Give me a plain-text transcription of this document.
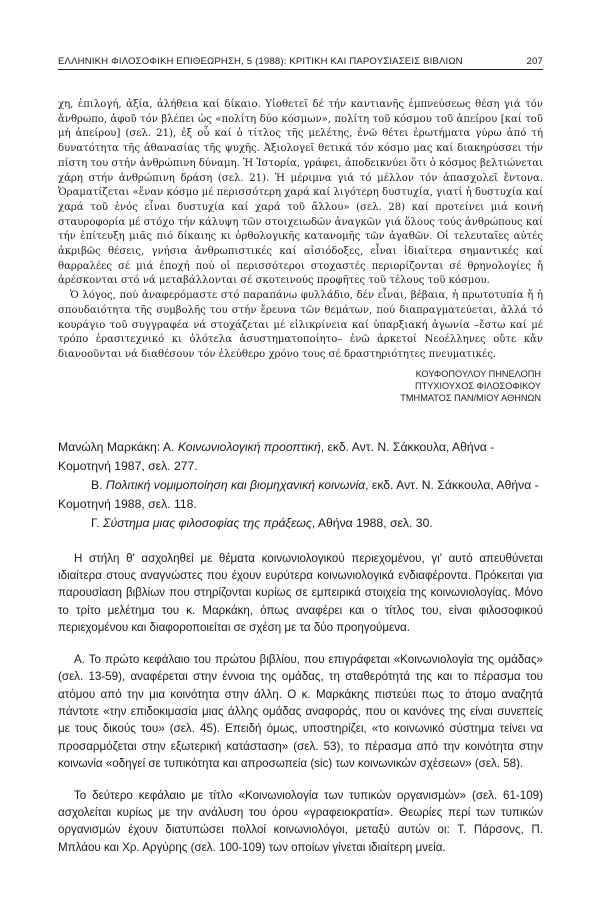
ΕΛΛΗΝΙΚΗ ΦΙΛΟΣΟΦΙΚΗ ΕΠΙΘΕΩΡΗΣΗ, 5 (1988): ΚΡΙΤΙΚΗ ΚΑΙ ΠΑΡΟΥΣΙΑΣΕΙΣ ΒΙΒΛΙΩΝ	207

χη, ἐπιλογή, ἀξία, ἀλήθεια καί δίκαιο. Υἱοθετεῖ δέ τήν καντιανῆς ἐμπνεύσεως θέση γιά τόν ἄνθρωπο, ἀφοῦ τόν βλέπει ὡς «πολίτη δύο κόσμων», πολίτη τοῦ κόσμου τοῦ ἀπείρου [καί τοῦ μή ἀπείρου] (σελ. 21), ἐξ οὗ καί ὁ τίτλος τῆς μελέτης, ἐνῶ θέτει ἐρωτήματα γύρω ἀπό τή δυνατότητα τῆς ἀθανασίας τῆς ψυχῆς. Ἀξιολογεῖ θετικά τόν κόσμο μας καί διακηρύσσει τήν πίστη του στήν ἀνθρώπινη δύναμη. Ἡ Ἱστορία, γράφει, ἀποδεικνύει ὅτι ὁ κόσμος βελτιώνεται χάρη στήν ἀνθρώπινη δράση (σελ. 21). Ἡ μέριμνα γιά τό μέλλον τόν ἀπασχολεῖ ἔντονα. Ὁραματίζεται «ἕναν κόσμο μέ περισσότερη χαρά καί λιγότερη δυστυχία, γιατί ἡ δυστυχία καί χαρά τοῦ ἑνός εἶναι δυστυχία καί χαρά τοῦ ἄλλου» (σελ. 28) καί προτείνει μιά κοινή σταυροφορία μέ στόχο τήν κάλυψη τῶν στοιχειωδῶν ἀναγκῶν γιά ὅλους τούς ἀνθρώπους καί τήν ἐπίτευξη μιᾶς πιό δίκαιης κι ὀρθολογικῆς κατανομῆς τῶν ἀγαθῶν. Οἱ τελευταῖες αὐτές ἀκριβῶς θέσεις, γνήσια ἀνθρωπιστικές καί αἰσιόδοξες, εἶναι ἰδιαίτερα σημαντικές καί θαρραλέες σέ μιά ἐποχή πού οἱ περισσότεροι στοχαστές περιορίζονται σέ θρηνολογίες ἤ ἀρέσκονται στό νά μεταβάλλονται σέ σκοτεινούς προφῆτες τοῦ τέλους τοῦ κόσμου.

Ὁ λόγος, πού ἀναφερόμαστε στό παραπάνω φυλλάδιο, δέν εἶναι, βέβαια, ἡ πρωτοτυπία ἤ ἡ σπουδαιότητα τῆς συμβολῆς του στήν ἔρευνα τῶν θεμάτων, πού διαπραγματεύεται, ἀλλά τό κουράγιο τοῦ συγγραφέα νά στοχάζεται μέ εἰλικρίνεια καί ὑπαρξιακή ἀγωνία –ἔστω καί μέ τρόπο ἐρασιτεχνικό κι ὁλότελα ἀσυστηματοποίητο– ἐνῶ ἀρκετοί Νεοέλληνες οὔτε κἄν διανοοῦνται νά διαθέσουν τόν ἐλεύθερο χρόνο τους σέ δραστηριότητες πνευματικές.

ΚΟΥΦΟΠΟΥΛΟΥ ΠΗΝΕΛΟΠΗ
ΠΤΥΧΙΟΥΧΟΣ ΦΙΛΟΣΟΦΙΚΟΥ
ΤΜΗΜΑΤΟΣ ΠΑΝ/ΜΙΟΥ ΑΘΗΝΩΝ
Μανώλη Μαρκάκη: Α. Κοινωνιολογική προοπτική, εκδ. Αντ. Ν. Σάκκουλα, Αθήνα - Κομοτηνή 1987, σελ. 277.
Β. Πολιτική νομιμοποίηση και βιομηχανική κοινωνία, εκδ. Αντ. Ν. Σάκκουλα, Αθήνα - Κομοτηνή 1988, σελ. 118.
Γ. Σύστημα μιας φιλοσοφίας της πράξεως, Αθήνα 1988, σελ. 30.

Η στήλη θ' ασχοληθεί με θέματα κοινωνιολογικού περιεχομένου, γι' αυτό απευθύνεται ιδιαίτερα στους αναγνώστες που έχουν ευρύτερα κοινωνιολογικά ενδιαφέροντα. Πρόκειται για παρουσίαση βιβλίων που στηρίζονται κυρίως σε εμπειρικά στοιχεία της κοινωνιολογίας. Μόνο το τρίτο μελέτημα του κ. Μαρκάκη, όπως αναφέρει και ο τίτλος του, είναι φιλοσοφικού περιεχομένου και διαφοροποιείται σε σχέση με τα δύο προηγούμενα.

Α. Το πρώτο κεφάλαιο του πρώτου βιβλίου, που επιγράφεται «Κοινωνιολογία της ομάδας» (σελ. 13-59), αναφέρεται στην έννοια της ομάδας, τη σταθερότητά της και το πέρασμα του ατόμου από την μια κοινότητα στην άλλη. Ο κ. Μαρκάκης πιστεύει πως το άτομο αναζητά πάντοτε «την επιδοκιμασία μιας άλλης ομάδας αναφοράς, που οι κανόνες της είναι συνεπείς με τους δικούς του» (σελ. 45). Επειδή όμως, υποστηρίζει, «το κοινωνικό σύστημα τείνει να προσαρμόζεται στην εξωτερική κατάσταση» (σελ. 53), το πέρασμα από την κοινότητα στην κοινωνία «οδηγεί σε τυπικότητα και απροσωπεία (sic) των κοινωνικών σχέσεων» (σελ. 58).

Το δεύτερο κεφάλαιο με τίτλο «Κοινωνιολογία των τυπικών οργανισμών» (σελ. 61-109) ασχολείται κυρίως με την ανάλυση του όρου «γραφειοκρατία». Θεωρίες περί των τυπικών οργανισμών έχουν διατυπώσει πολλοί κοινωνιολόγοι, μεταξύ αυτών οι: Τ. Πάρσονς, Π. Μπλάου και Χρ. Αργύρης (σελ. 100-109) των οποίων γίνεται ιδιαίτερη μνεία.
